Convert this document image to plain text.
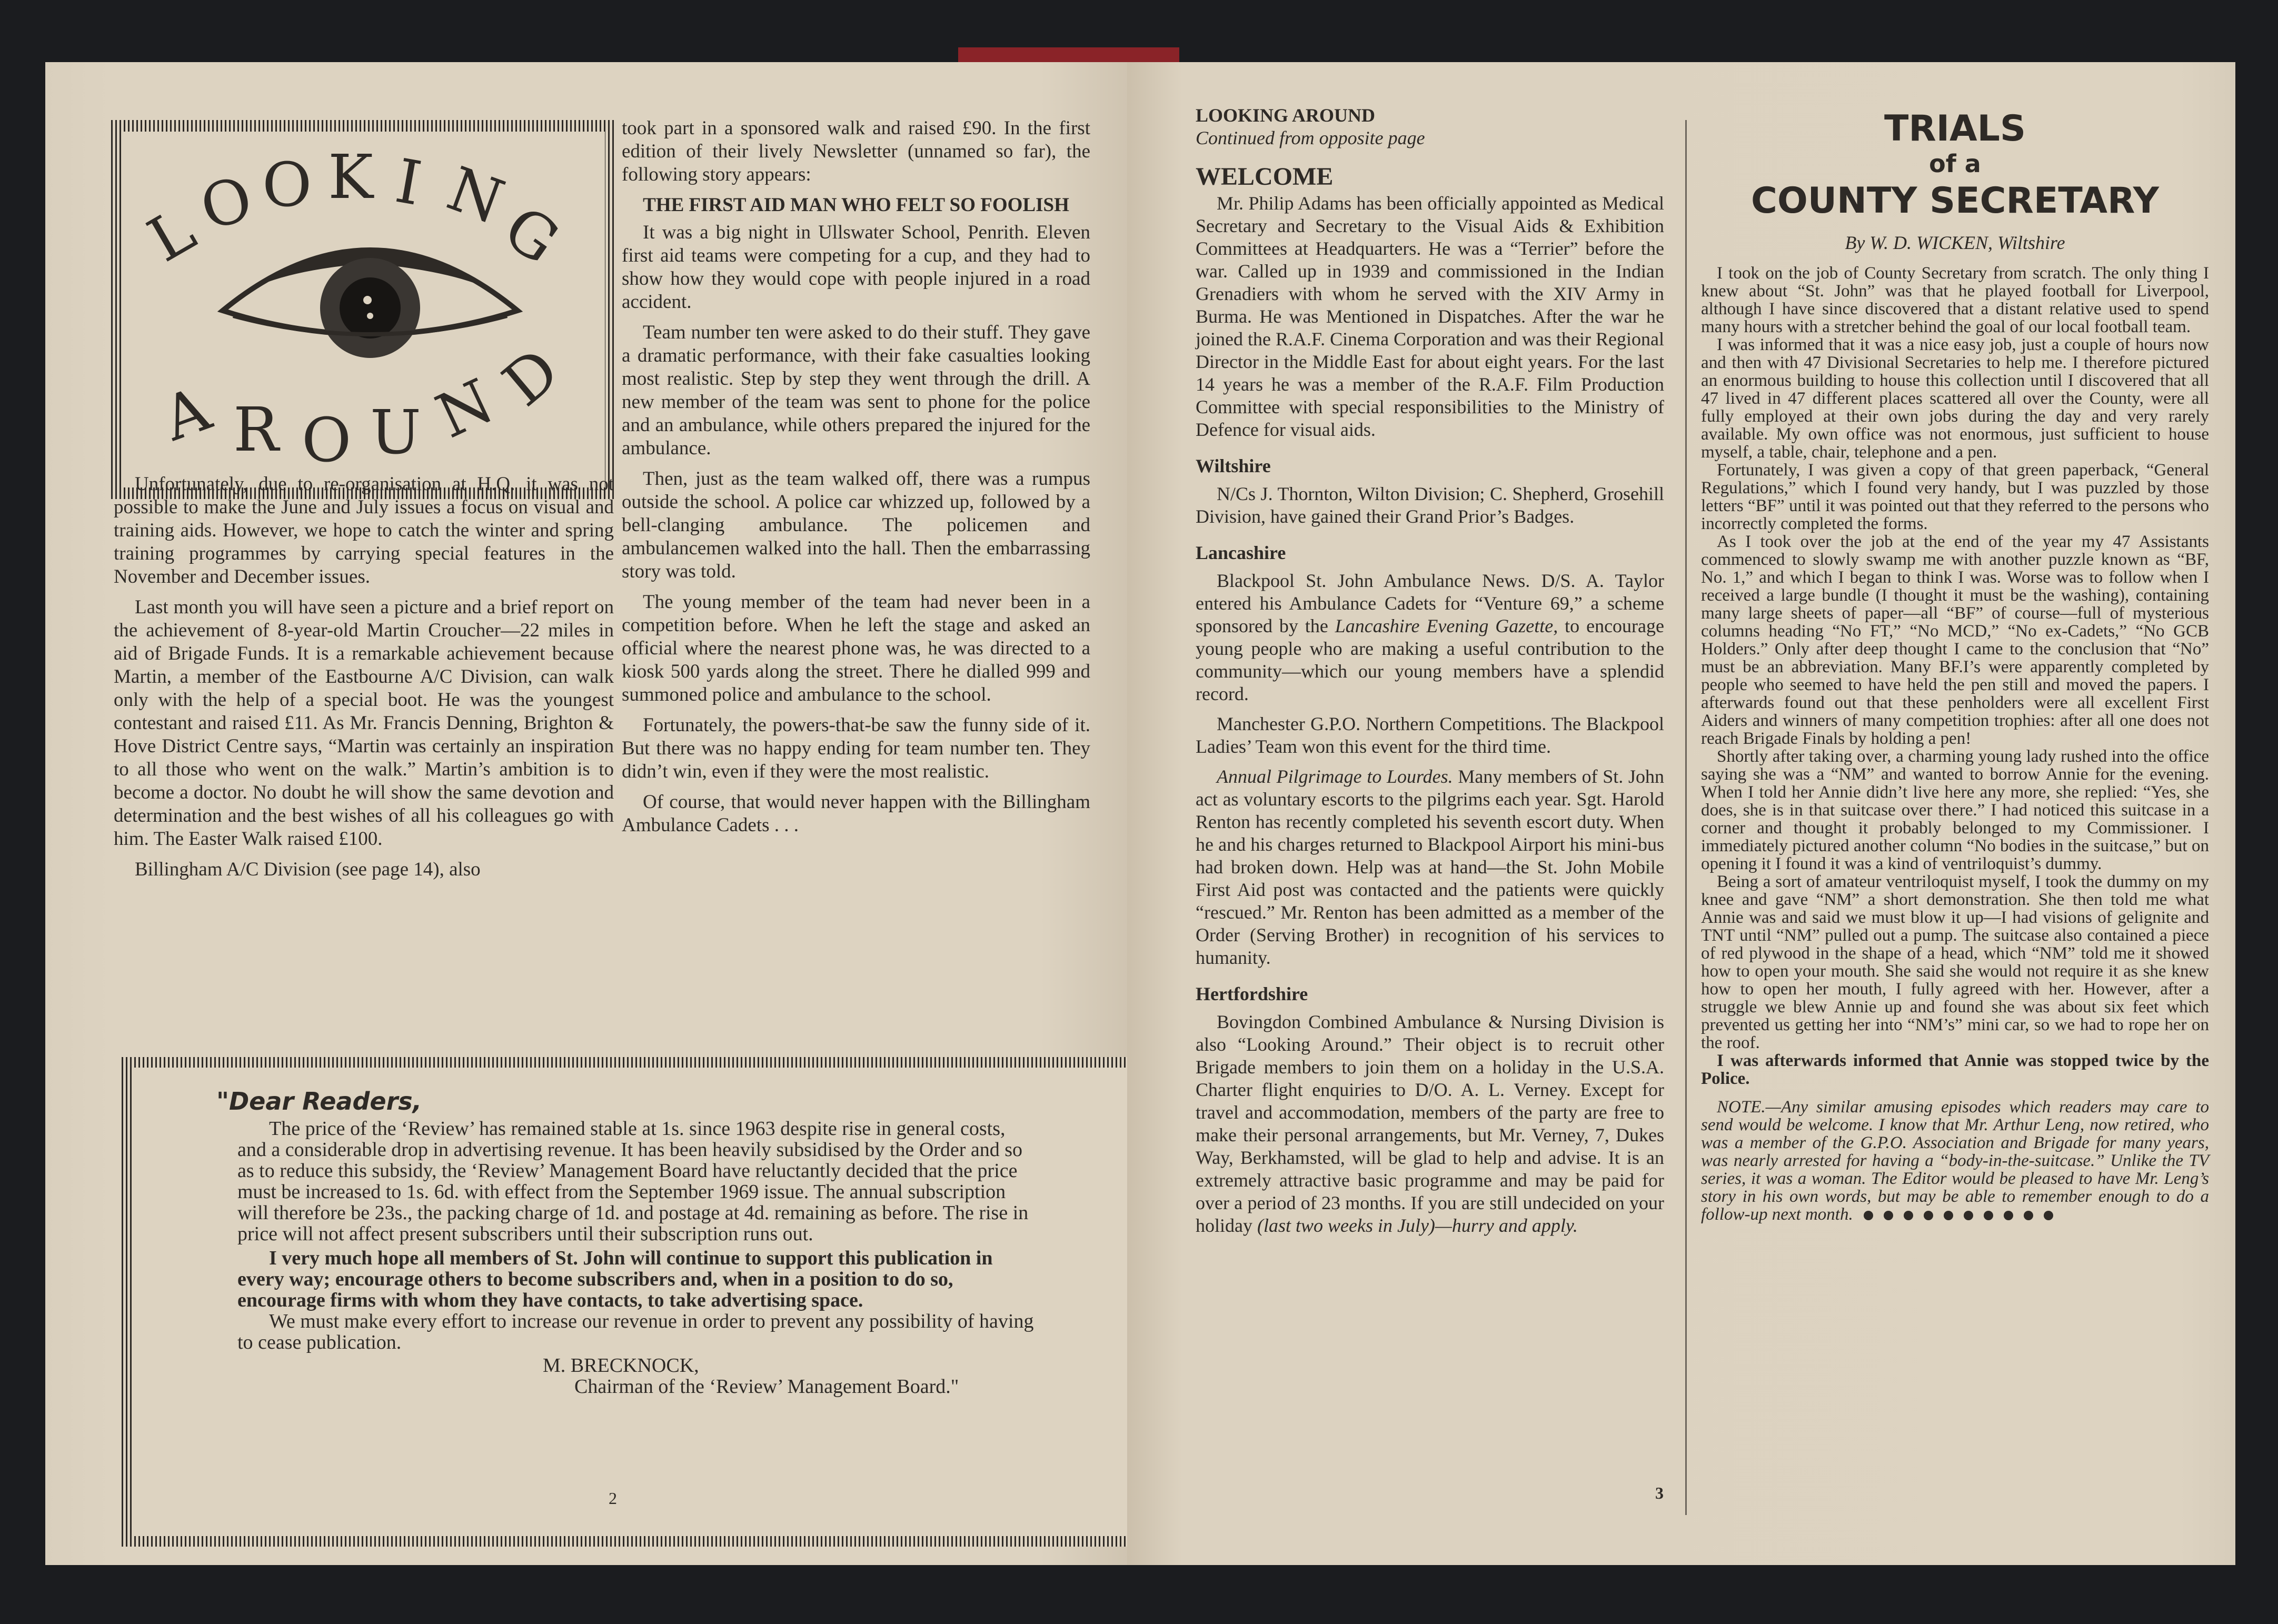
L
O O K I N
G
A R O U N
D

Unfortunately, due to re-organisation at H.Q. it was not possible to make the June and July issues a focus on visual and training aids. However, we hope to catch the winter and spring training programmes by carrying special features in the November and December issues.

Last month you will have seen a picture and a brief report on the achievement of 8-year-old Martin Croucher—22 miles in aid of Brigade Funds. It is a remarkable achievement because Martin, a member of the Eastbourne A/C Division, can walk only with the help of a special boot. He was the youngest contestant and raised £11. As Mr. Francis Denning, Brighton & Hove District Centre says, “Martin was certainly an inspiration to all those who went on the walk.” Martin’s ambition is to become a doctor. No doubt he will show the same devotion and determination and the best wishes of all his colleagues go with him. The Easter Walk raised £100.

Billingham A/C Division (see page 14), also

took part in a sponsored walk and raised £90. In the first edition of their lively Newsletter (unnamed so far), the following story appears:

THE FIRST AID MAN WHO FELT SO FOOLISH

It was a big night in Ullswater School, Penrith. Eleven first aid teams were competing for a cup, and they had to show how they would cope with people injured in a road accident.

Team number ten were asked to do their stuff. They gave a dramatic performance, with their fake casualties looking most realistic. Step by step they went through the drill. A new member of the team was sent to phone for the police and an ambulance, while others prepared the injured for the ambulance.

Then, just as the team walked off, there was a rumpus outside the school. A police car whizzed up, followed by a bell-clanging ambulance. The policemen and ambulancemen walked into the hall. Then the embarrassing story was told.

The young member of the team had never been in a competition before. When he left the stage and asked an official where the nearest phone was, he was directed to a kiosk 500 yards along the street. There he dialled 999 and summoned police and ambulance to the school.

Fortunately, the powers-that-be saw the funny side of it. But there was no happy ending for team number ten. They didn’t win, even if they were the most realistic.

Of course, that would never happen with the Billingham Ambulance Cadets . . .

"Dear Readers,

The price of the ‘Review’ has remained stable at 1s. since 1963 despite rise in general costs, and a considerable drop in advertising revenue. It has been heavily subsidised by the Order and so as to reduce this subsidy, the ‘Review’ Management Board have reluctantly decided that the price must be increased to 1s. 6d. with effect from the September 1969 issue. The annual subscription will therefore be 23s., the packing charge of 1d. and postage at 4d. remaining as before. The rise in price will not affect present subscribers until their subscription runs out.

I very much hope all members of St. John will continue to support this publication in every way; encourage others to become subscribers and, when in a position to do so, encourage firms with whom they have contacts, to take advertising space.

We must make every effort to increase our revenue in order to prevent any possibility of having to cease publication.

M. BRECKNOCK,
Chairman of the ‘Review’ Management Board."
2
LOOKING AROUND
Continued from opposite page
WELCOME

Mr. Philip Adams has been officially appointed as Medical Secretary and Secretary to the Visual Aids & Exhibition Committees at Headquarters. He was a “Terrier” before the war. Called up in 1939 and commissioned in the Indian Grenadiers with whom he served with the XIV Army in Burma. He was Mentioned in Dispatches. After the war he joined the R.A.F. Cinema Corporation and was their Regional Director in the Middle East for about eight years. For the last 14 years he was a member of the R.A.F. Film Production Committee with special responsibilities to the Ministry of Defence for visual aids.

Wiltshire

N/Cs J. Thornton, Wilton Division; C. Shepherd, Grosehill Division, have gained their Grand Prior’s Badges.

Lancashire

Blackpool St. John Ambulance News. D/S. A. Taylor entered his Ambulance Cadets for “Venture 69,” a scheme sponsored by the Lancashire Evening Gazette, to encourage young people who are making a useful contribution to the community—which our young members have a splendid record.

Manchester G.P.O. Northern Competitions. The Blackpool Ladies’ Team won this event for the third time.

Annual Pilgrimage to Lourdes. Many members of St. John act as voluntary escorts to the pilgrims each year. Sgt. Harold Renton has recently completed his seventh escort duty. When he and his charges returned to Blackpool Airport his mini-bus had broken down. Help was at hand—the St. John Mobile First Aid post was contacted and the patients were quickly “rescued.” Mr. Renton has been admitted as a member of the Order (Serving Brother) in recognition of his services to humanity.

Hertfordshire

Bovingdon Combined Ambulance & Nursing Division is also “Looking Around.” Their object is to recruit other Brigade members to join them on a holiday in the U.S.A. Charter flight enquiries to D/O. A. L. Verney. Except for travel and accommodation, members of the party are free to make their personal arrangements, but Mr. Verney, 7, Dukes Way, Berkhamsted, will be glad to help and advise. It is an extremely attractive basic programme and may be paid for over a period of 23 months. If you are still undecided on your holiday (last two weeks in July)—hurry and apply.

TRIALS
of a
COUNTY SECRETARY
By W. D. WICKEN, Wiltshire

I took on the job of County Secretary from scratch. The only thing I knew about “St. John” was that he played football for Liverpool, although I have since discovered that a distant relative used to spend many hours with a stretcher behind the goal of our local football team.

I was informed that it was a nice easy job, just a couple of hours now and then with 47 Divisional Secretaries to help me. I therefore pictured an enormous building to house this collection until I discovered that all 47 lived in 47 different places scattered all over the County, were all fully employed at their own jobs during the day and very rarely available. My own office was not enormous, just sufficient to house myself, a table, chair, telephone and a pen.

Fortunately, I was given a copy of that green paperback, “General Regulations,” which I found very handy, but I was puzzled by those letters “BF” until it was pointed out that they referred to the persons who incorrectly completed the forms.

As I took over the job at the end of the year my 47 Assistants commenced to slowly swamp me with another puzzle known as “BF, No. 1,” and which I began to think I was. Worse was to follow when I received a large bundle (I thought it must be the washing), containing many large sheets of paper—all “BF” of course—full of mysterious columns heading “No FT,” “No MCD,” “No ex-Cadets,” “No GCB Holders.” Only after deep thought I came to the conclusion that “No” must be an abbreviation. Many BF.I’s were apparently completed by people who seemed to have held the pen still and moved the papers. I afterwards found out that these penholders were all excellent First Aiders and winners of many competition trophies: after all one does not reach Brigade Finals by holding a pen!

Shortly after taking over, a charming young lady rushed into the office saying she was a “NM” and wanted to borrow Annie for the evening. When I told her Annie didn’t live here any more, she replied: “Yes, she does, she is in that suitcase over there.” I had noticed this suitcase in a corner and thought it probably belonged to my Commissioner. I immediately pictured another column “No bodies in the suitcase,” but on opening it I found it was a kind of ventriloquist’s dummy.

Being a sort of amateur ventriloquist myself, I took the dummy on my knee and gave “NM” a short demonstration. She then told me what Annie was and said we must blow it up—I had visions of gelignite and TNT until “NM” pulled out a pump. The suitcase also contained a piece of red plywood in the shape of a head, which “NM” told me it showed how to open your mouth. She said she would not require it as she knew how to open her mouth, I fully agreed with her. However, after a struggle we blew Annie up and found she was about six feet which prevented us getting her into “NM’s” mini car, so we had to rope her on the roof.

I was afterwards informed that Annie was stopped twice by the Police.

NOTE.—Any similar amusing episodes which readers may care to send would be welcome. I know that Mr. Arthur Leng, now retired, who was a member of the G.P.O. Association and Brigade for many years, was nearly arrested for having a “body-in-the-suitcase.” Unlike the TV series, it was a woman. The Editor would be pleased to have Mr. Leng’s story in his own words, but may be able to remember enough to do a follow-up next month.

3
